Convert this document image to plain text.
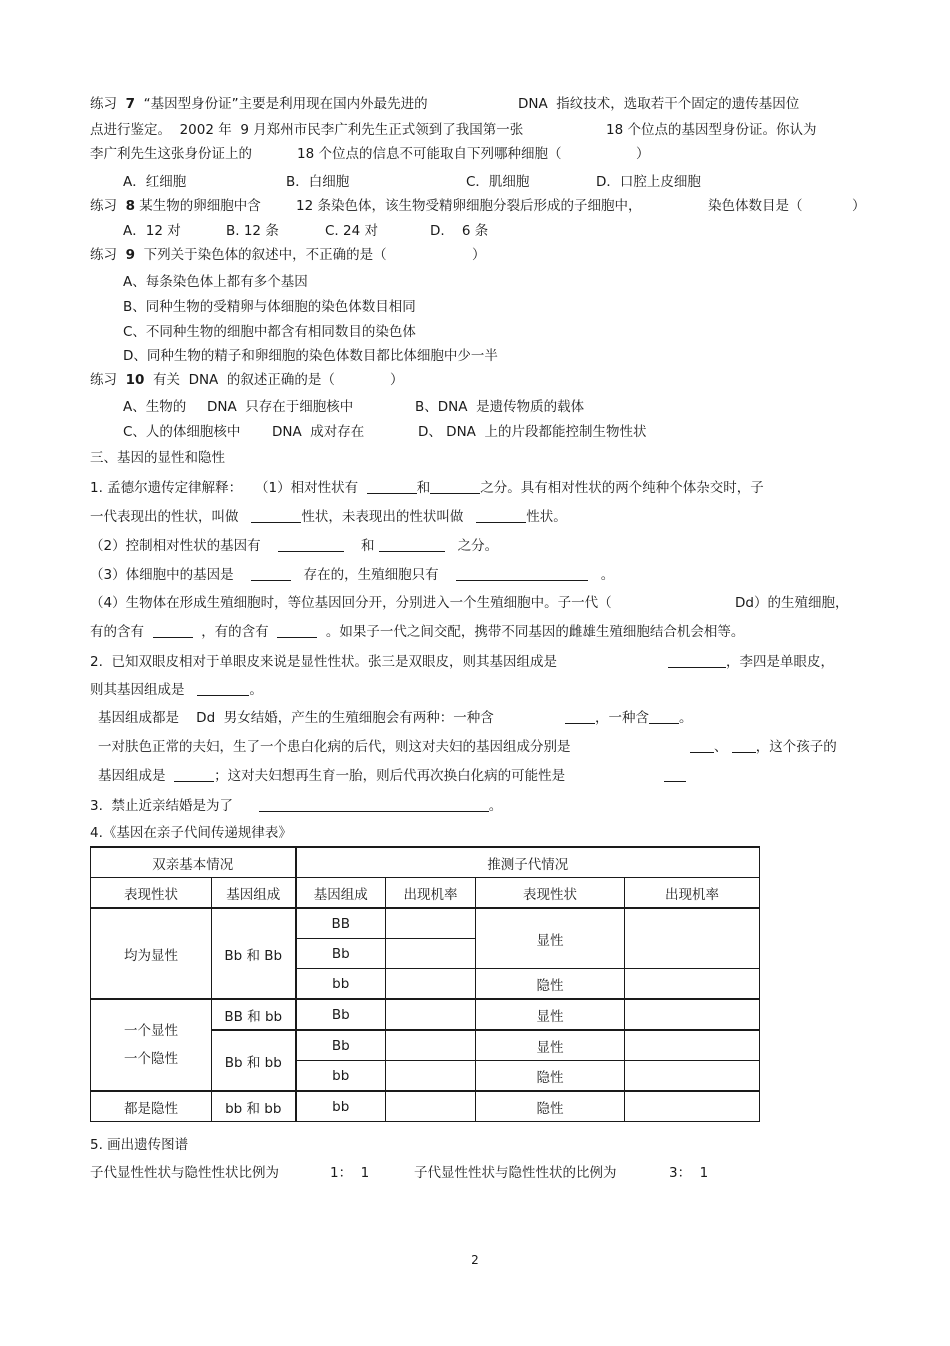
练习 7 “基因型身份证”主要是利用现在国内外最先进的	DNA  指纹技术，选取若干个固定的遗传基因位
点进行鉴定。  2002 年  9 月郑州市民李广利先生正式领到了我国第一张	18 个位点的基因型身份证。你认为
李广利先生这张身份证上的	18 个位点的信息不可能取自下列哪种细胞（	）
A．红细胞	B．白细胞	C．肌细胞	D．口腔上皮细胞
练习 8 某生物的卵细胞中含	12 条染色体，该生物受精卵细胞分裂后形成的子细胞中，	染色体数目是（	）
A．12 对	B. 12 条	C. 24 对	D.    6 条
练习 9 下列关于染色体的叙述中，不正确的是（	）
A、每条染色体上都有多个基因
B、同种生物的受精卵与体细胞的染色体数目相同
C、不同种生物的细胞中都含有相同数目的染色体
D、同种生物的精子和卵细胞的染色体数目都比体细胞中少一半
练习 10 有关  DNA  的叙述正确的是（	）
A、生物的 DNA  只存在于细胞核中	B、DNA  是遗传物质的载体
C、人的体细胞核中 DNA  成对存在	D、 DNA  上的片段都能控制生物性状
三、基因的显性和隐性
1. 孟德尔遗传定律解释：   （1）相对性状有	和	之分。具有相对性状的两个纯种个体杂交时，子
一代表现出的性状，叫做	性状，未表现出的性状叫做	性状。
（2）控制相对性状的基因有	和	之分。
（3）体细胞中的基因是	存在的，生殖细胞只有	。
（4）生物体在形成生殖细胞时，等位基因回分开，分别进入一个生殖细胞中。子一代（	Dd）的生殖细胞，
有的含有	，有的含有	。如果子一代之间交配，携带不同基因的雌雄生殖细胞结合机会相等。
2.  已知双眼皮相对于单眼皮来说是显性性状。张三是双眼皮，则其基因组成是	，李四是单眼皮，
则其基因组成是	。
基因组成都是 Dd  男女结婚，产生的生殖细胞会有两种：一种含	，一种含 。
一对肤色正常的夫妇，生了一个患白化病的后代，则这对夫妇的基因组成分别是	、 ，这个孩子的
基因组成是	；这对夫妇想再生育一胎，则后代再次换白化病的可能性是
3.  禁止近亲结婚是为了	。
4.《基因在亲子代间传递规律表》
双亲基本情况		推测子代情况			
表现性状	基因组成	基因组成	出现机率	表现性状	出现机率
均为显性	Bb 和 Bb	BB		显性	
		Bb			
		bb		隐性	
一个显性
一个隐性	BB 和 bb	Bb		显性	
	Bb 和 bb	Bb		显性	
		bb		隐性	
都是隐性	bb 和 bb	bb		隐性	
5. 画出遗传图谱
子代显性性状与隐性性状比例为	1：  1	子代显性性状与隐性性状的比例为	3：  1
2
